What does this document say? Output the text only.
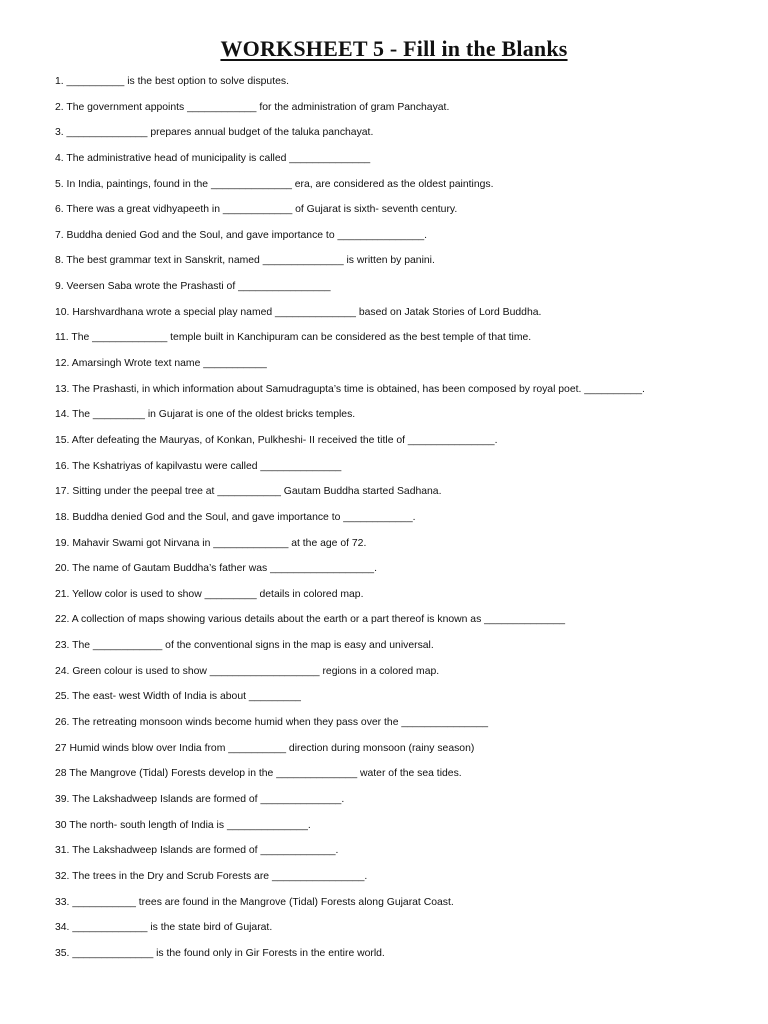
WORKSHEET 5 - Fill in the Blanks
1. __________ is the best option to solve disputes.
2. The government appoints ____________ for the administration of gram Panchayat.
3. ______________ prepares annual budget of the taluka panchayat.
4. The administrative head of municipality is called ______________
5. In India, paintings, found in the ______________ era, are considered as the oldest paintings.
6. There was a great vidhyapeeth in ____________ of Gujarat is sixth- seventh century.
7. Buddha denied God and the Soul, and gave importance to _______________.
8. The best grammar text in Sanskrit, named ______________ is written by panini.
9. Veersen Saba wrote the Prashasti of ________________
10. Harshvardhana wrote a special play named ______________ based on Jatak Stories of Lord Buddha.
11. The _____________ temple built in Kanchipuram can be considered as the best temple of that time.
12. Amarsingh Wrote text name ___________
13. The Prashasti, in which information about Samudragupta’s time is obtained, has been composed by royal poet. __________.
14. The _________ in Gujarat is one of the oldest bricks temples.
15. After defeating the Mauryas, of Konkan, Pulkheshi- II received the title of _______________.
16. The Kshatriyas of kapilvastu were called ______________
17. Sitting under the peepal tree at ___________ Gautam Buddha started Sadhana.
18. Buddha denied God and the Soul, and gave importance to ____________.
19. Mahavir Swami got Nirvana in _____________ at the age of 72.
20. The name of Gautam Buddha’s father was __________________.
21. Yellow color is used to show _________ details in colored map.
22. A collection of maps showing various details about the earth or a part thereof is known as ______________
23. The ____________ of the conventional signs in the map is easy and universal.
24. Green colour is used to show ___________________ regions in a colored map.
25. The east- west Width of India is about _________
26. The retreating monsoon winds become humid when they pass over the _______________
27 Humid winds blow over India from __________ direction during monsoon (rainy season)
28 The Mangrove (Tidal) Forests develop in the ______________ water of the sea tides.
39. The Lakshadweep Islands are formed of ______________.
30 The north- south length of India is ______________.
31. The Lakshadweep Islands are formed of _____________.
32. The trees in the Dry and Scrub Forests are ________________.
33. ___________ trees are found in the Mangrove (Tidal) Forests along Gujarat Coast.
34. _____________ is the state bird of Gujarat.
35. ______________ is the found only in Gir Forests in the entire world.
